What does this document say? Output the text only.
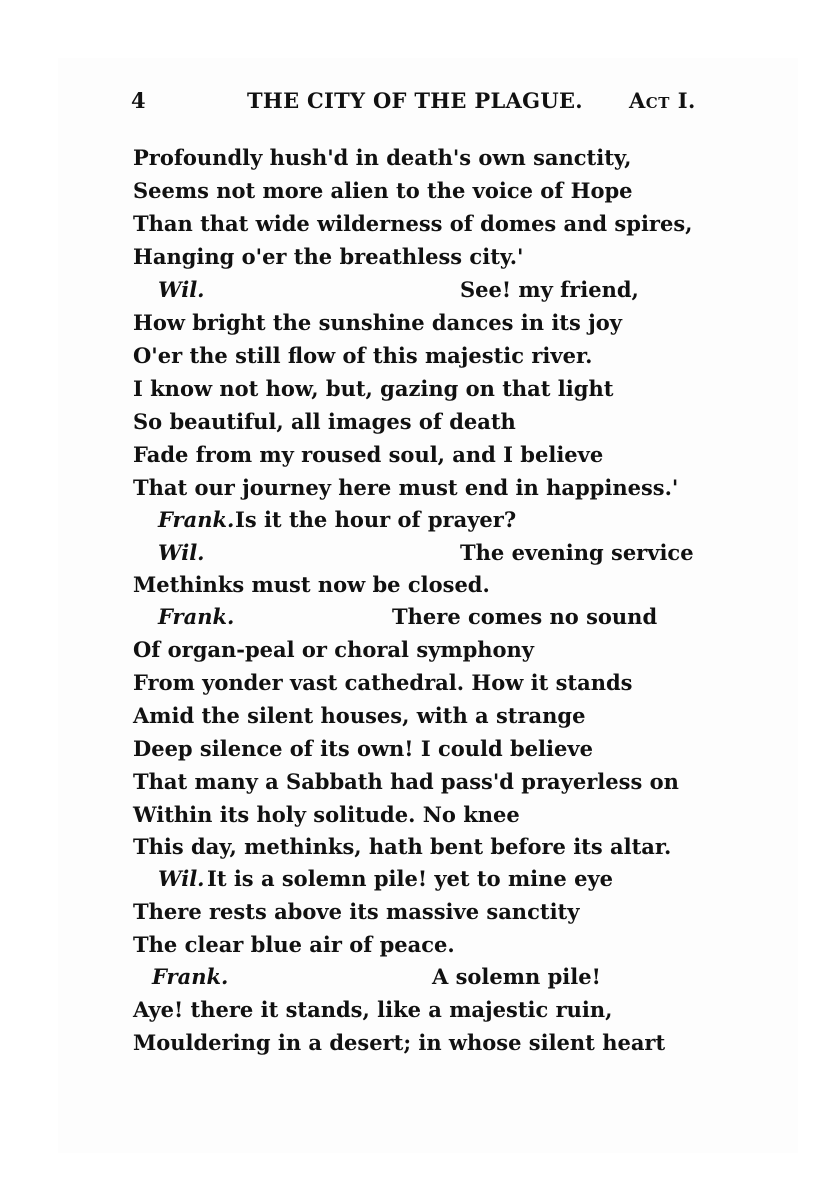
4	THE CITY OF THE PLAGUE. Act I.
Profoundly hush'd in death's own sanctity,
Seems not more alien to the voice of Hope
Than that wide wilderness of domes and spires,
Hanging o'er the breathless city.'
Wil.	See! my friend,
How bright the sunshine dances in its joy
O'er the still flow of this majestic river.
I know not how, but, gazing on that light
So beautiful, all images of death
Fade from my roused soul, and I believe
That our journey here must end in happiness.'
Frank. Is it the hour of prayer?
Wil.	The evening service
Methinks must now be closed.
Frank.	There comes no sound
Of organ-peal or choral symphony
From yonder vast cathedral. How it stands
Amid the silent houses, with a strange
Deep silence of its own! I could believe
That many a Sabbath had pass'd prayerless on
Within its holy solitude. No knee
This day, methinks, hath bent before its altar.
Wil. It is a solemn pile! yet to mine eye
There rests above its massive sanctity
The clear blue air of peace.
Frank.	A solemn pile!
Aye! there it stands, like a majestic ruin,
Mouldering in a desert; in whose silent heart
